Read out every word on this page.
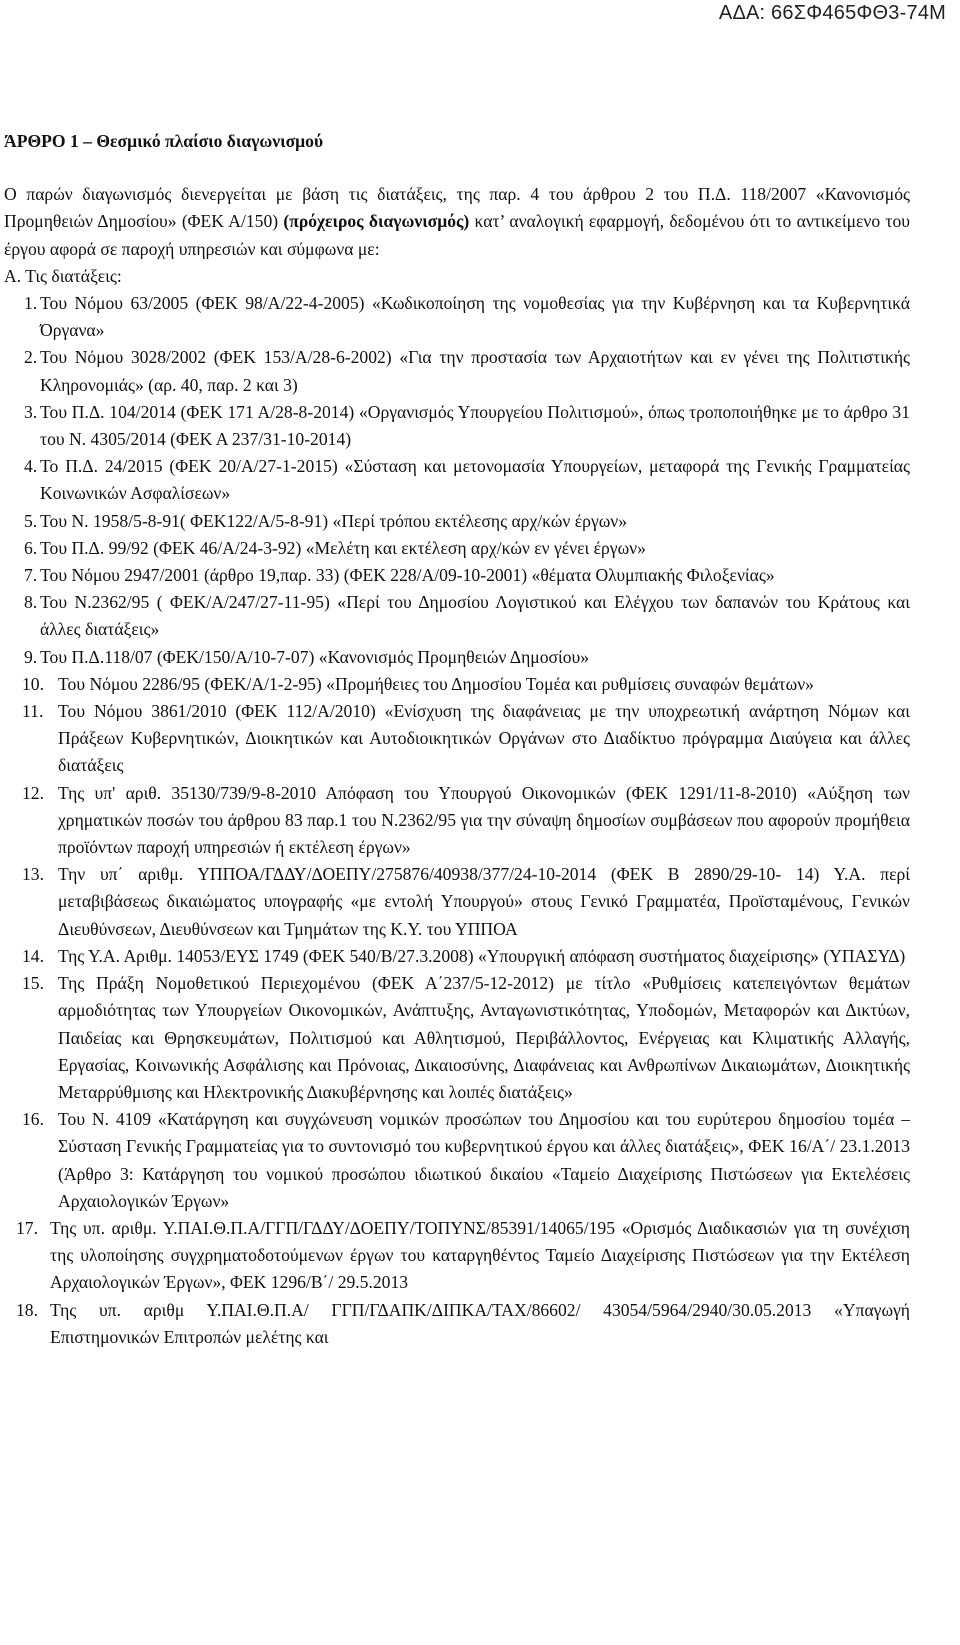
ΑΔΑ: 66ΣΦ465ΦΘ3-74Μ

ΆΡΘΡΟ 1 – Θεσμικό πλαίσιο διαγωνισμού

Ο παρών διαγωνισμός διενεργείται με βάση τις διατάξεις, της παρ. 4 του άρθρου 2 του Π.Δ. 118/2007 «Κανονισμός Προμηθειών Δημοσίου» (ΦΕΚ Α/150) (πρόχειρος διαγωνισμός) κατ’ αναλογική εφαρμογή, δεδομένου ότι το αντικείμενο του έργου αφορά σε παροχή υπηρεσιών και σύμφωνα με:

Α. Τις διατάξεις:

1. Του Νόμου 63/2005 (ΦΕΚ 98/Α/22-4-2005) «Κωδικοποίηση της νομοθεσίας για την Κυβέρνηση και τα Κυβερνητικά Όργανα»
2. Του Νόμου 3028/2002 (ΦΕΚ 153/Α/28-6-2002) «Για την προστασία των Αρχαιοτήτων και εν γένει της Πολιτιστικής Κληρονομιάς» (αρ. 40, παρ. 2 και 3)
3. Του Π.Δ. 104/2014 (ΦΕΚ 171 Α/28-8-2014) «Οργανισμός Υπουργείου Πολιτισμού», όπως τροποποιήθηκε με το άρθρο 31 του Ν. 4305/2014 (ΦΕΚ Α 237/31-10-2014)
4. Το Π.Δ. 24/2015 (ΦΕΚ 20/Α/27-1-2015) «Σύσταση και μετονομασία Υπουργείων, μεταφορά της Γενικής Γραμματείας Κοινωνικών Ασφαλίσεων»
5. Του Ν. 1958/5-8-91( ΦΕΚ122/Α/5-8-91) «Περί τρόπου εκτέλεσης αρχ/κών έργων»
6. Του Π.Δ. 99/92 (ΦΕΚ 46/Α/24-3-92) «Μελέτη και εκτέλεση αρχ/κών εν γένει έργων»
7. Του Νόμου 2947/2001 (άρθρο 19,παρ. 33) (ΦΕΚ 228/Α/09-10-2001) «θέματα Ολυμπιακής Φιλοξενίας»
8. Του Ν.2362/95 ( ΦΕΚ/Α/247/27-11-95) «Περί του Δημοσίου Λογιστικού και Ελέγχου των δαπανών του Κράτους και άλλες διατάξεις»
9. Του Π.Δ.118/07 (ΦΕΚ/150/Α/10-7-07) «Κανονισμός Προμηθειών Δημοσίου»
10. Του Νόμου 2286/95 (ΦΕΚ/Α/1-2-95) «Προμήθειες του Δημοσίου Τομέα και ρυθμίσεις συναφών θεμάτων»
11. Του Νόμου 3861/2010 (ΦΕΚ 112/Α/2010) «Ενίσχυση της διαφάνειας με την υποχρεωτική ανάρτηση Νόμων και Πράξεων Κυβερνητικών, Διοικητικών και Αυτοδιοικητικών Οργάνων στο Διαδίκτυο πρόγραμμα Διαύγεια και άλλες διατάξεις
12. Της υπ' αριθ. 35130/739/9-8-2010 Απόφαση του Υπουργού Οικονομικών (ΦΕΚ 1291/11-8-2010) «Αύξηση των χρηματικών ποσών του άρθρου 83 παρ.1 του Ν.2362/95 για την σύναψη δημοσίων συμβάσεων που αφορούν προμήθεια προϊόντων παροχή υπηρεσιών ή εκτέλεση έργων»
13. Την υπ΄ αριθμ. ΥΠΠΟΑ/ΓΔΔΥ/ΔΟΕΠΥ/275876/40938/377/24-10-2014 (ΦΕΚ Β 2890/29-10- 14) Υ.Α. περί μεταβιβάσεως δικαιώματος υπογραφής «με εντολή Υπουργού» στους Γενικό Γραμματέα, Προϊσταμένους, Γενικών Διευθύνσεων, Διευθύνσεων και Τμημάτων της Κ.Υ. του ΥΠΠΟΑ
14. Της Υ.Α. Αριθμ. 14053/ΕΥΣ 1749 (ΦΕΚ 540/Β/27.3.2008) «Υπουργική απόφαση συστήματος διαχείρισης» (ΥΠΑΣΥΔ)
15. Της Πράξη Νομοθετικού Περιεχομένου (ΦΕΚ Α΄237/5-12-2012) με τίτλο «Ρυθμίσεις κατεπειγόντων θεμάτων αρμοδιότητας των Υπουργείων Οικονομικών, Ανάπτυξης, Ανταγωνιστικότητας, Υποδομών, Μεταφορών και Δικτύων, Παιδείας και Θρησκευμάτων, Πολιτισμού και Αθλητισμού, Περιβάλλοντος, Ενέργειας και Κλιματικής Αλλαγής, Εργασίας, Κοινωνικής Ασφάλισης και Πρόνοιας, Δικαιοσύνης, Διαφάνειας και Ανθρωπίνων Δικαιωμάτων, Διοικητικής Μεταρρύθμισης και Ηλεκτρονικής Διακυβέρνησης και λοιπές διατάξεις»
16. Του Ν. 4109 «Κατάργηση και συγχώνευση νομικών προσώπων του Δημοσίου και του ευρύτερου δημοσίου τομέα – Σύσταση Γενικής Γραμματείας για το συντονισμό του κυβερνητικού έργου και άλλες διατάξεις», ΦΕΚ 16/Α΄/ 23.1.2013 (Άρθρο 3: Κατάργηση του νομικού προσώπου ιδιωτικού δικαίου «Ταμείο Διαχείρισης Πιστώσεων για Εκτελέσεις Αρχαιολογικών Έργων»
17. Της υπ. αριθμ. Υ.ΠΑΙ.Θ.Π.Α/ΓΓΠ/ΓΔΔΥ/ΔΟΕΠΥ/ΤΟΠΥΝΣ/85391/14065/195 «Ορισμός Διαδικασιών για τη συνέχιση της υλοποίησης συγχρηματοδοτούμενων έργων του καταργηθέντος Ταμείο Διαχείρισης Πιστώσεων για την Εκτέλεση Αρχαιολογικών Έργων», ΦΕΚ 1296/Β΄/ 29.5.2013
18. Της υπ. αριθμ Υ.ΠΑΙ.Θ.Π.Α/ ΓΓΠ/ΓΔΑΠΚ/ΔΙΠΚΑ/ΤΑΧ/86602/ 43054/5964/2940/30.05.2013 «Υπαγωγή Επιστημονικών Επιτροπών μελέτης και
